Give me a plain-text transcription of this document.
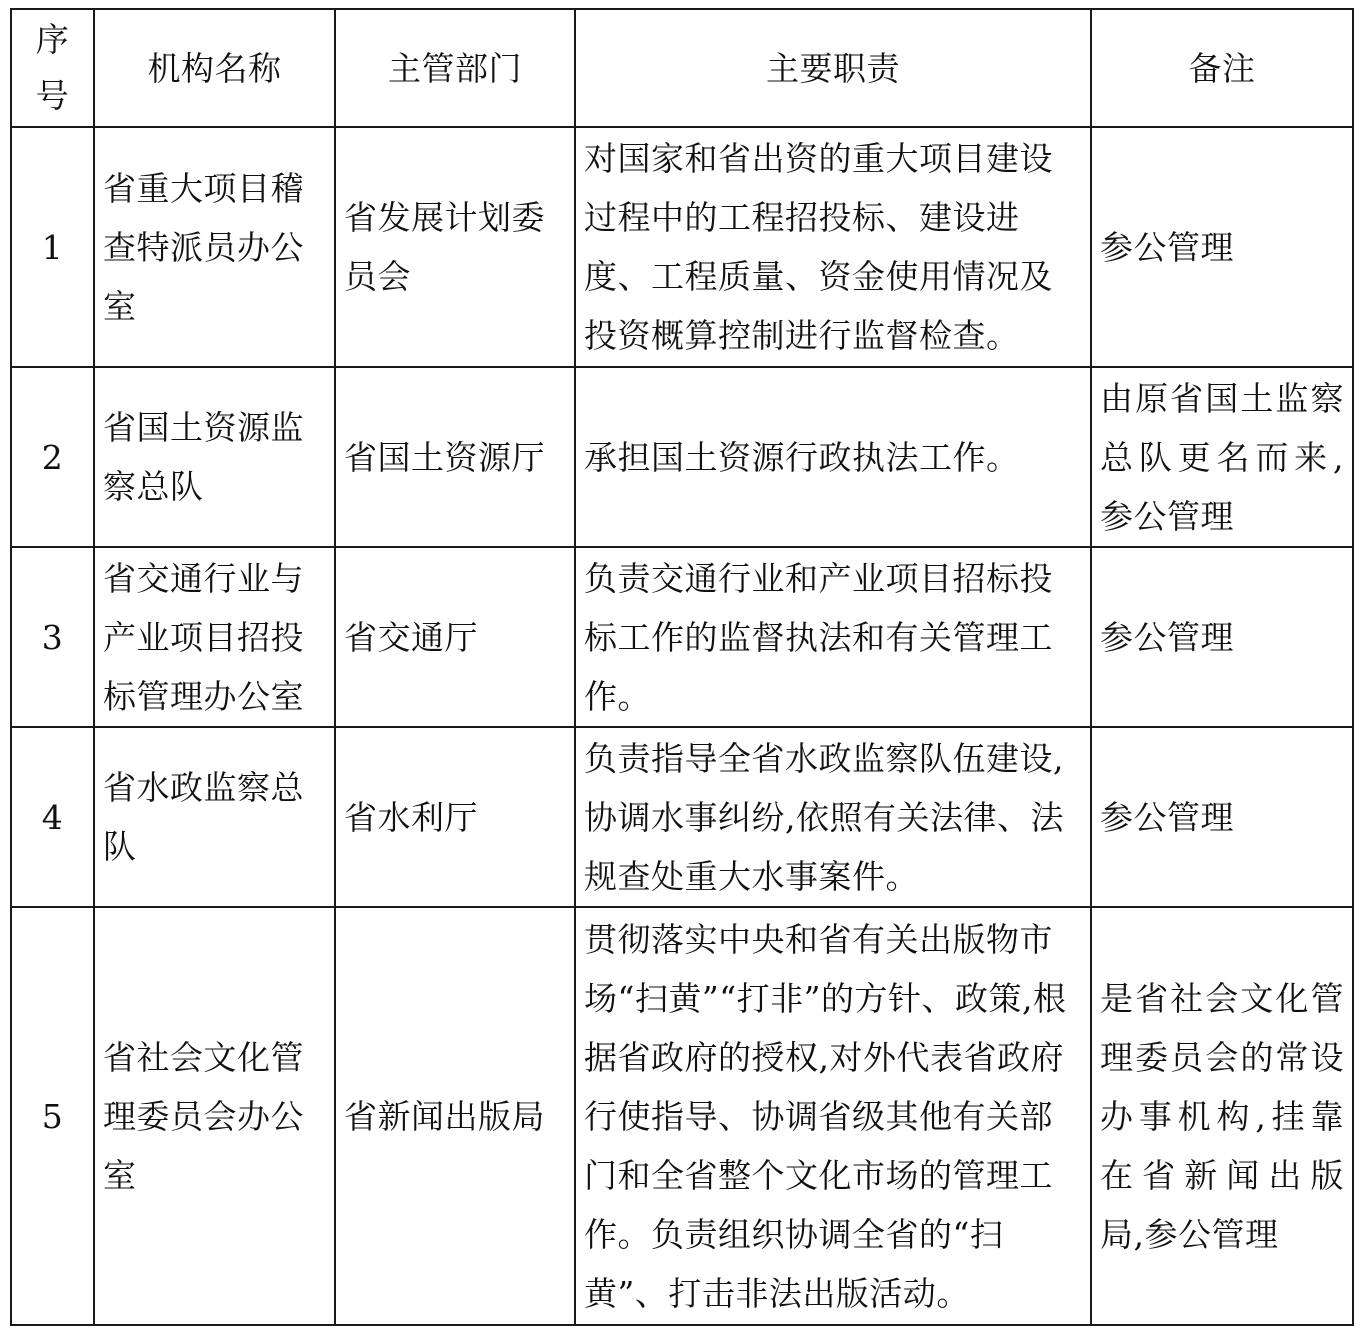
序号	机构名称	主管部门	主要职责	备注
1	省重大项目稽查特派员办公室	省发展计划委员会	对国家和省出资的重大项目建设过程中的工程招投标、建设进度、工程质量、资金使用情况及投资概算控制进行监督检查。	参公管理
2	省国土资源监察总队	省国土资源厅	承担国土资源行政执法工作。	由原省国土监察总队更名而来,参公管理
3	省交通行业与产业项目招投标管理办公室	省交通厅	负责交通行业和产业项目招标投标工作的监督执法和有关管理工作。	参公管理
4	省水政监察总队	省水利厅	负责指导全省水政监察队伍建设,协调水事纠纷,依照有关法律、法规查处重大水事案件。	参公管理
5	省社会文化管理委员会办公室	省新闻出版局	贯彻落实中央和省有关出版物市场“扫黄”“打非”的方针、政策,根据省政府的授权,对外代表省政府行使指导、协调省级其他有关部门和全省整个文化市场的管理工作。负责组织协调全省的“扫黄”、打击非法出版活动。	是省社会文化管理委员会的常设办事机构,挂靠在省新闻出版局,参公管理
